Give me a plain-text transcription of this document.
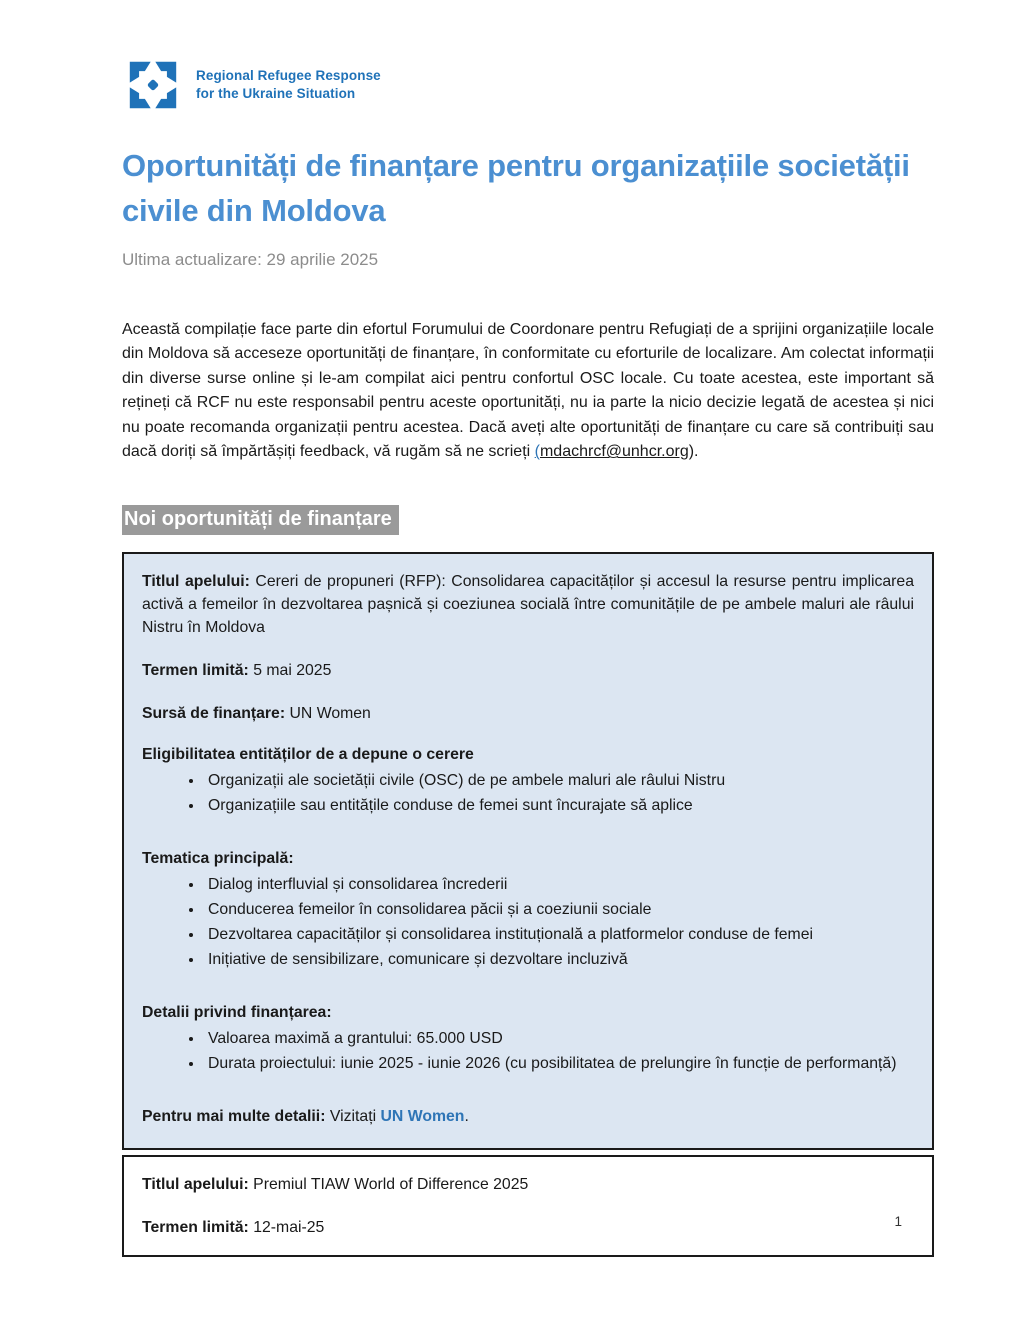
Regional Refugee Response
for the Ukraine Situation
Oportunități de finanțare pentru organizațiile societății civile din Moldova
Ultima actualizare: 29 aprilie 2025

Această compilație face parte din efortul Forumului de Coordonare pentru Refugiați de a sprijini organizațiile locale din Moldova să acceseze oportunități de finanțare, în conformitate cu eforturile de localizare. Am colectat informații din diverse surse online și le-am compilat aici pentru confortul OSC locale. Cu toate acestea, este important să rețineți că RCF nu este responsabil pentru aceste oportunități, nu ia parte la nicio decizie legată de acestea și nici nu poate recomanda organizații pentru acestea. Dacă aveți alte oportunități de finanțare cu care să contribuiți sau dacă doriți să împărtășiți feedback, vă rugăm să ne scrieți (mdachrcf@unhcr.org).

Noi oportunități de finanțare

Titlul apelului: Cereri de propuneri (RFP): Consolidarea capacităților și accesul la resurse pentru implicarea activă a femeilor în dezvoltarea pașnică și coeziunea socială între comunitățile de pe ambele maluri ale râului Nistru în Moldova

Termen limită: 5 mai 2025

Sursă de finanțare: UN Women

Eligibilitatea entităților de a depune o cerere

• Organizații ale societății civile (OSC) de pe ambele maluri ale râului Nistru
• Organizațiile sau entitățile conduse de femei sunt încurajate să aplice

Tematica principală:

• Dialog interfluvial și consolidarea încrederii
• Conducerea femeilor în consolidarea păcii și a coeziunii sociale
• Dezvoltarea capacităților și consolidarea instituțională a platformelor conduse de femei
• Inițiative de sensibilizare, comunicare și dezvoltare incluzivă

Detalii privind finanțarea:

• Valoarea maximă a grantului: 65.000 USD
• Durata proiectului: iunie 2025 - iunie 2026 (cu posibilitatea de prelungire în funcție de performanță)

Pentru mai multe detalii: Vizitați UN Women.

Titlul apelului: Premiul TIAW World of Difference 2025

Termen limită: 12-mai-25	1
